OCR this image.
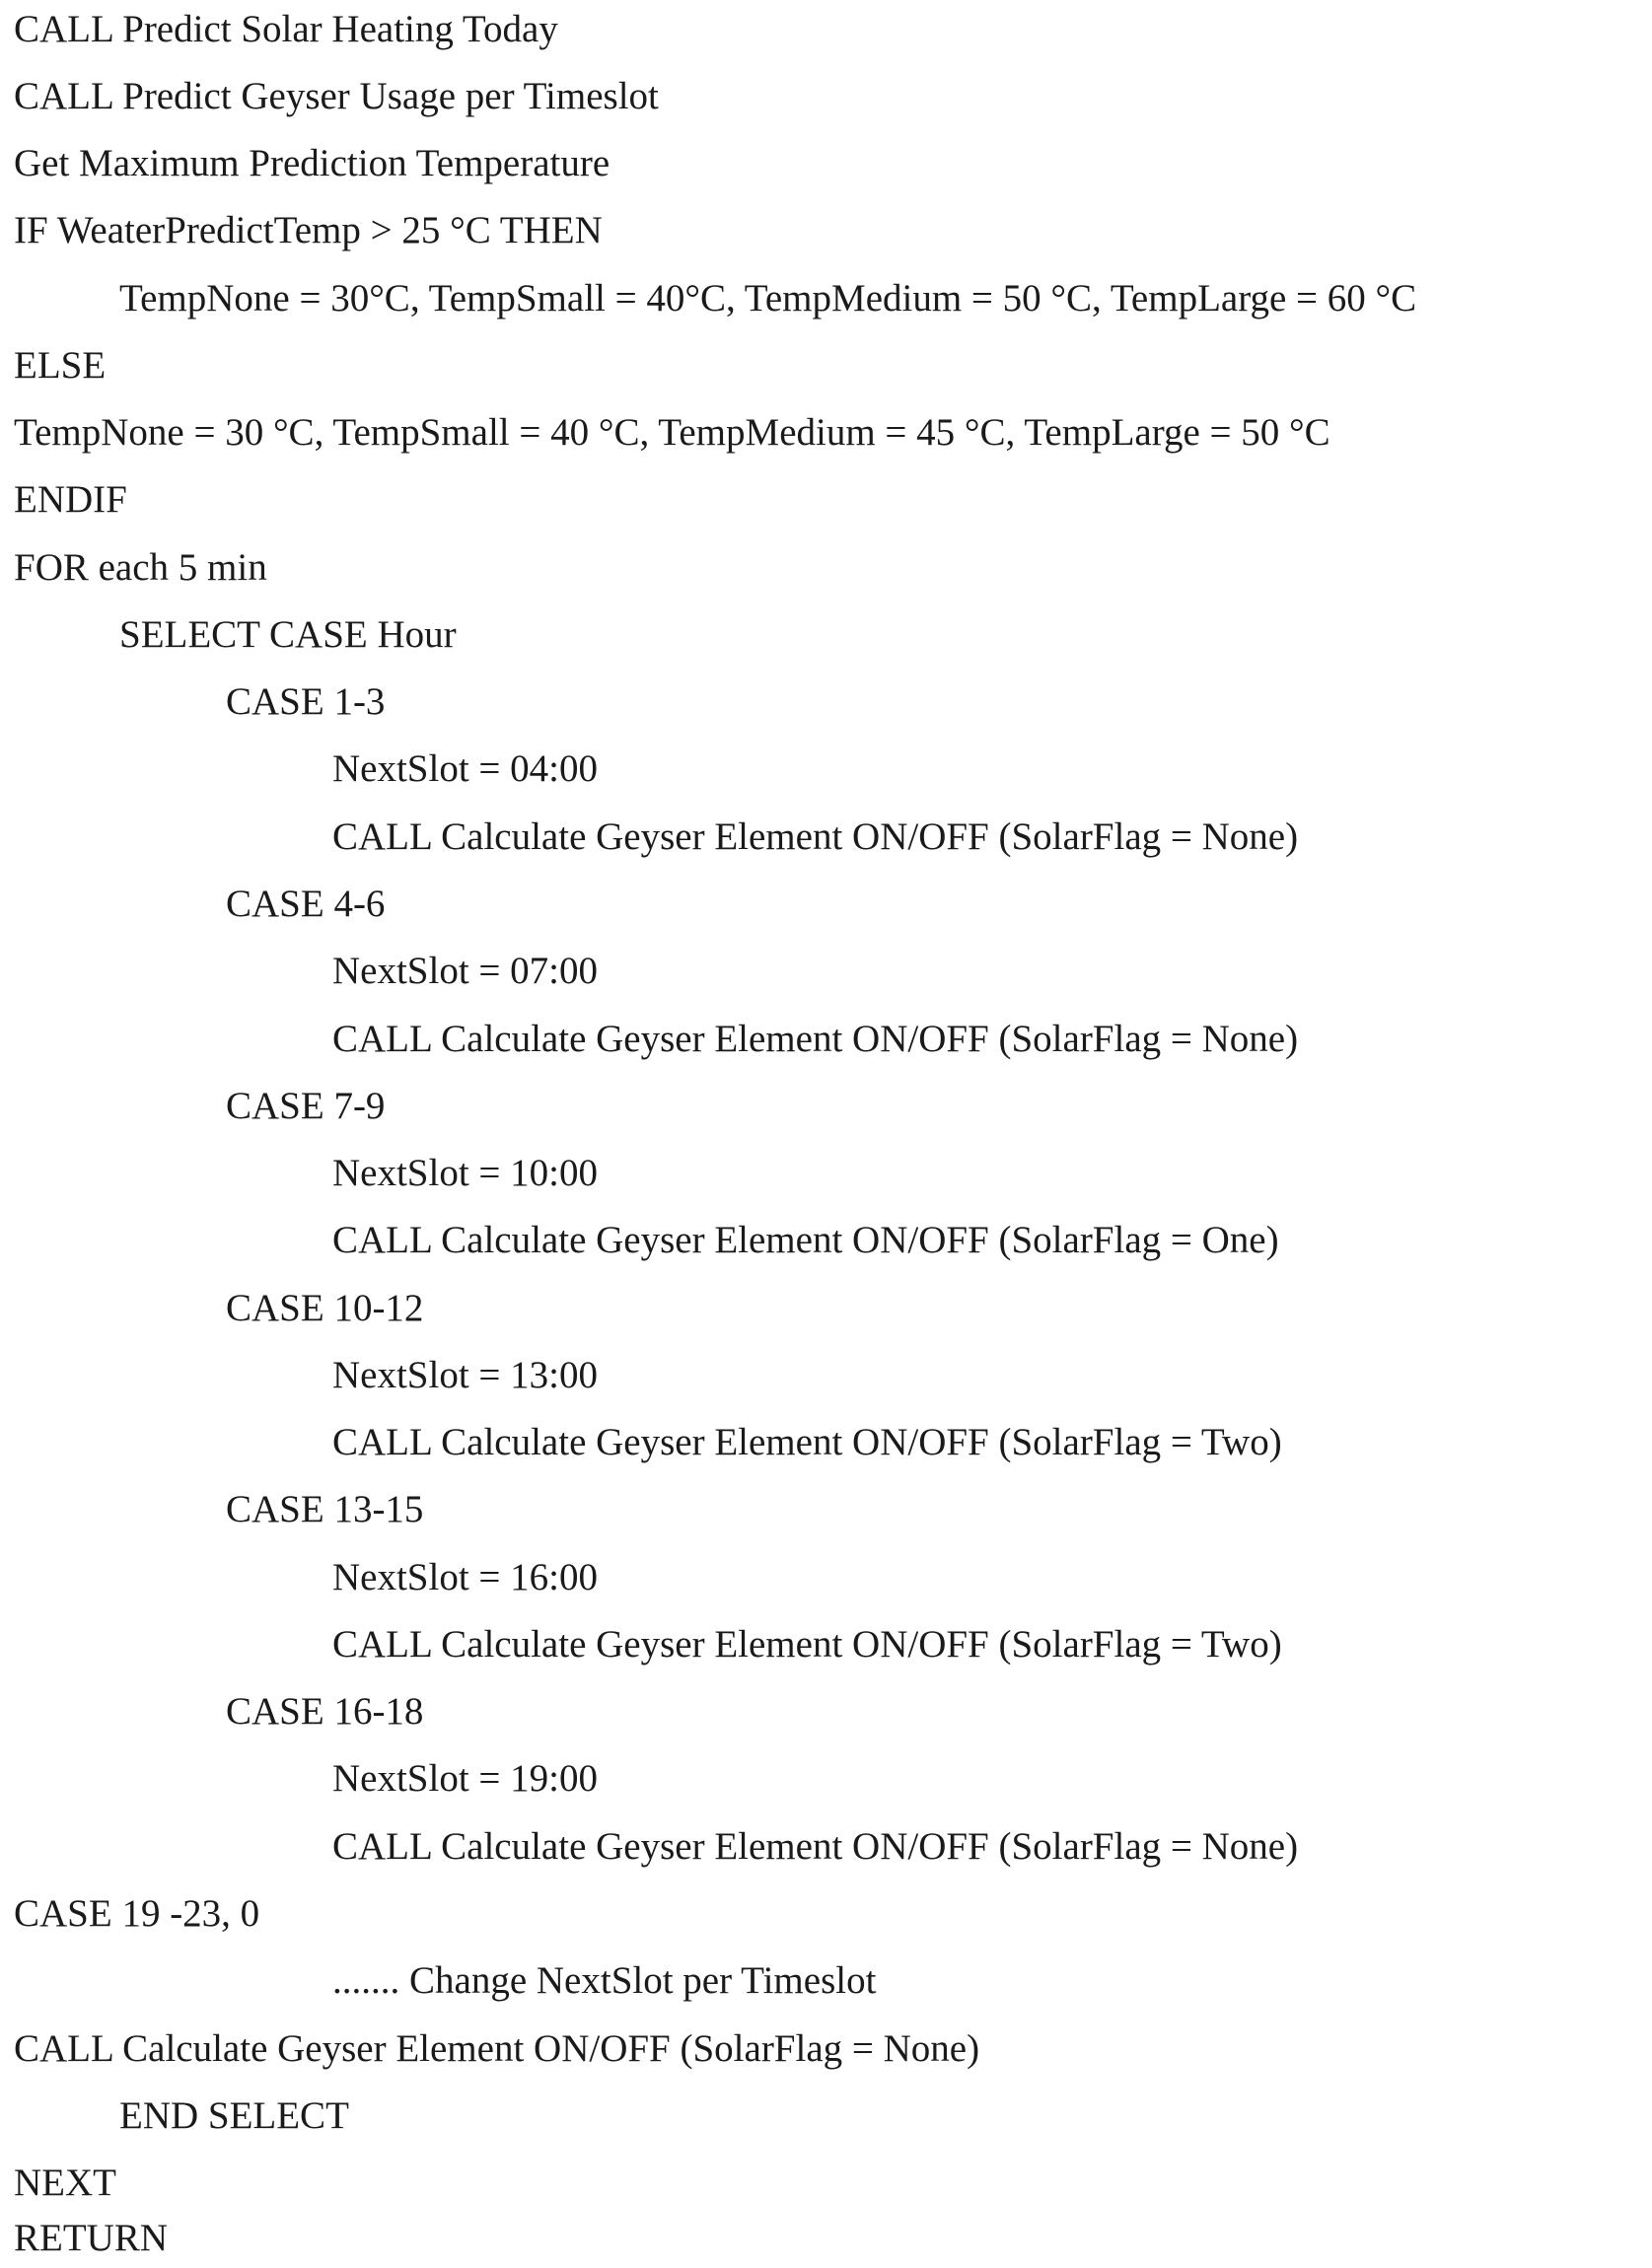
CALL Predict Solar Heating Today
CALL Predict Geyser Usage per Timeslot
Get Maximum Prediction Temperature
IF WeaterPredictTemp > 25 °C THEN
TempNone = 30°C, TempSmall = 40°C, TempMedium = 50 °C, TempLarge = 60 °C
ELSE
TempNone = 30 °C, TempSmall = 40 °C, TempMedium = 45 °C, TempLarge = 50 °C
ENDIF
FOR each 5 min
SELECT CASE Hour
CASE 1-3
NextSlot = 04:00
CALL Calculate Geyser Element ON/OFF (SolarFlag = None)
CASE 4-6
NextSlot = 07:00
CALL Calculate Geyser Element ON/OFF (SolarFlag = None)
CASE 7-9
NextSlot = 10:00
CALL Calculate Geyser Element ON/OFF (SolarFlag = One)
CASE 10-12
NextSlot = 13:00
CALL Calculate Geyser Element ON/OFF (SolarFlag = Two)
CASE 13-15
NextSlot = 16:00
CALL Calculate Geyser Element ON/OFF (SolarFlag = Two)
CASE 16-18
NextSlot = 19:00
CALL Calculate Geyser Element ON/OFF (SolarFlag = None)
CASE 19 -23, 0
....... Change NextSlot per Timeslot
CALL Calculate Geyser Element ON/OFF (SolarFlag = None)
END SELECT
NEXT
RETURN
